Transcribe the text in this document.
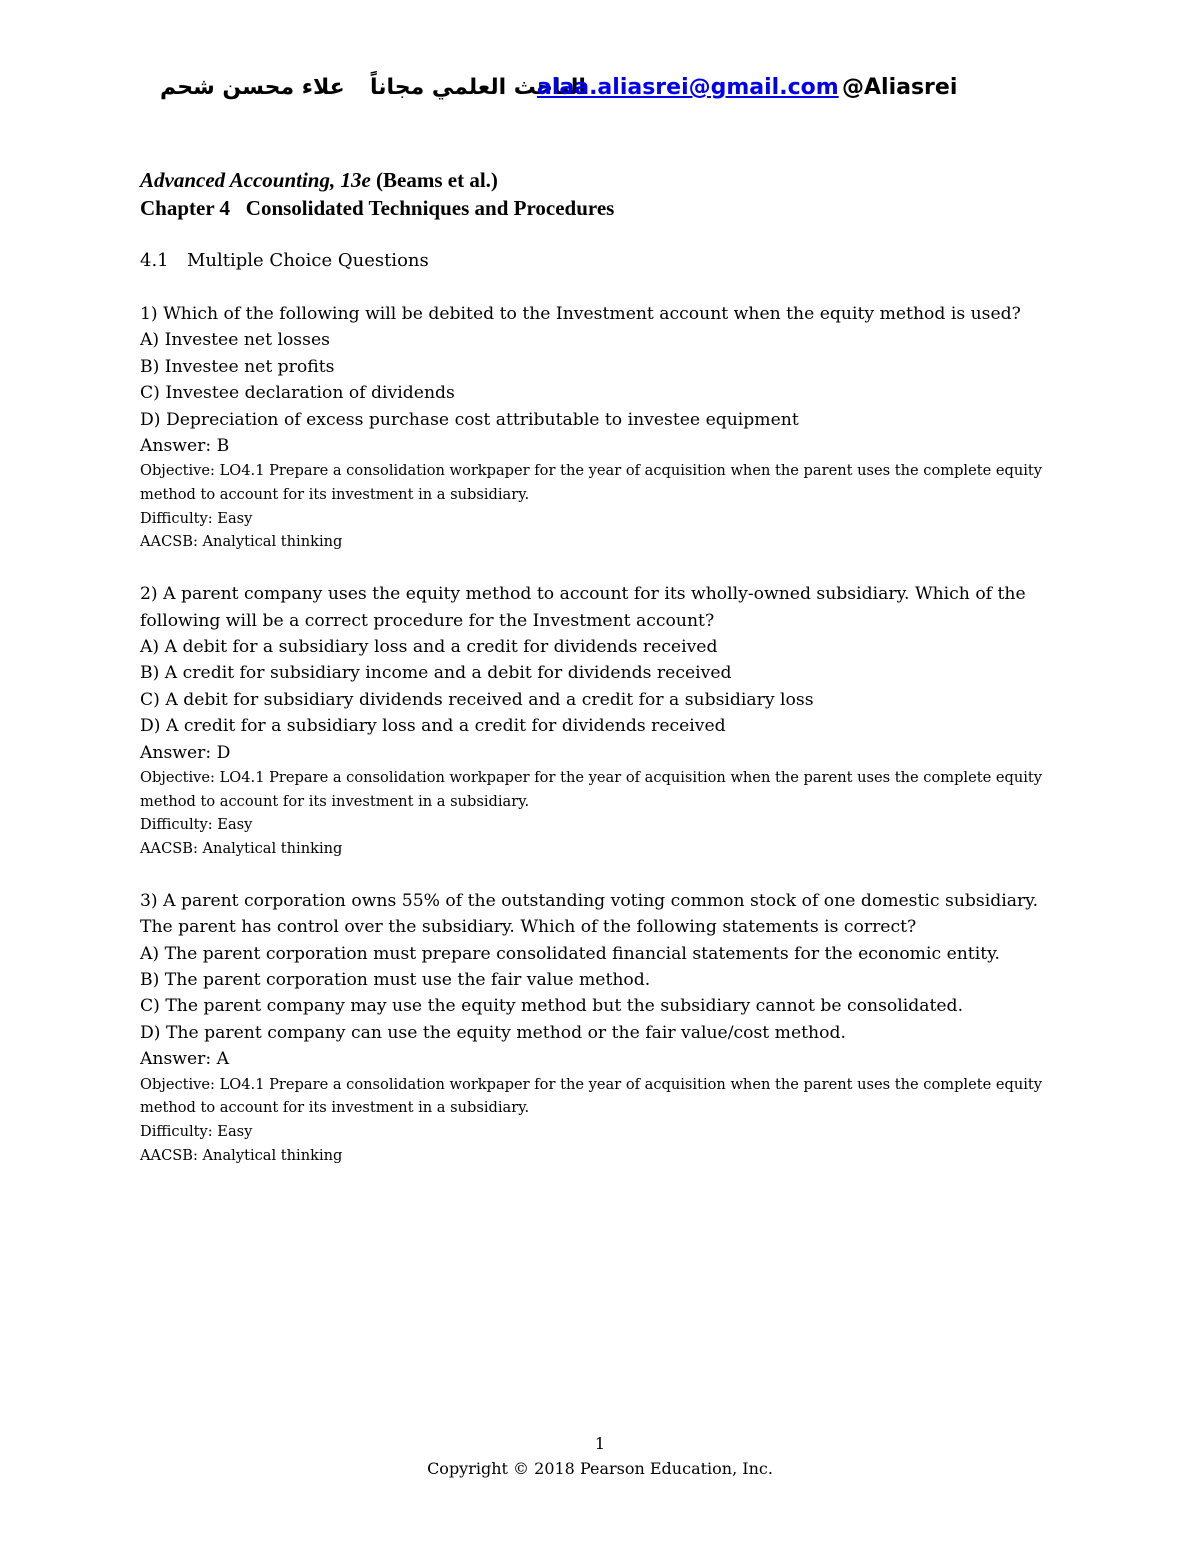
علاء محسن شحم الباحث العلمي مجاناً
alaa.aliasrei@gmail.com @Aliasrei
Advanced Accounting, 13e (Beams et al.)
Chapter 4 Consolidated Techniques and Procedures
4.1 Multiple Choice Questions

1) Which of the following will be debited to the Investment account when the equity method is used?

A) Investee net losses

B) Investee net profits

C) Investee declaration of dividends

D) Depreciation of excess purchase cost attributable to investee equipment

Answer: B

Objective: LO4.1 Prepare a consolidation workpaper for the year of acquisition when the parent uses the complete equity method to account for its investment in a subsidiary.

Difficulty: Easy

AACSB: Analytical thinking

2) A parent company uses the equity method to account for its wholly-owned subsidiary. Which of the following will be a correct procedure for the Investment account?

A) A debit for a subsidiary loss and a credit for dividends received

B) A credit for subsidiary income and a debit for dividends received

C) A debit for subsidiary dividends received and a credit for a subsidiary loss

D) A credit for a subsidiary loss and a credit for dividends received

Answer: D

Objective: LO4.1 Prepare a consolidation workpaper for the year of acquisition when the parent uses the complete equity method to account for its investment in a subsidiary.

Difficulty: Easy

AACSB: Analytical thinking

3) A parent corporation owns 55% of the outstanding voting common stock of one domestic subsidiary. The parent has control over the subsidiary. Which of the following statements is correct?

A) The parent corporation must prepare consolidated financial statements for the economic entity.

B) The parent corporation must use the fair value method.

C) The parent company may use the equity method but the subsidiary cannot be consolidated.

D) The parent company can use the equity method or the fair value/cost method.

Answer: A

Objective: LO4.1 Prepare a consolidation workpaper for the year of acquisition when the parent uses the complete equity method to account for its investment in a subsidiary.

Difficulty: Easy

AACSB: Analytical thinking

1
Copyright © 2018 Pearson Education, Inc.
